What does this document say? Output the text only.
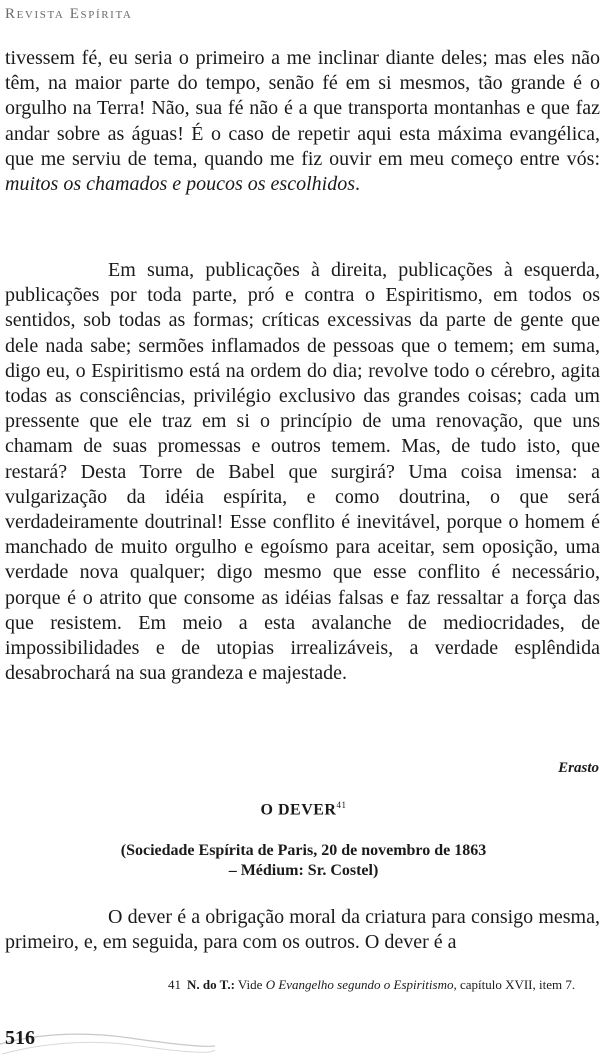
Revista Espírita

tivessem fé, eu seria o primeiro a me inclinar diante deles; mas eles não têm, na maior parte do tempo, senão fé em si mesmos, tão grande é o orgulho na Terra! Não, sua fé não é a que transporta montanhas e que faz andar sobre as águas! É o caso de repetir aqui esta máxima evangélica, que me serviu de tema, quando me fiz ouvir em meu começo entre vós: muitos os chamados e poucos os escolhidos.

Em suma, publicações à direita, publicações à esquerda, publicações por toda parte, pró e contra o Espiritismo, em todos os sentidos, sob todas as formas; críticas excessivas da parte de gente que dele nada sabe; sermões inflamados de pessoas que o temem; em suma, digo eu, o Espiritismo está na ordem do dia; revolve todo o cérebro, agita todas as consciências, privilégio exclusivo das grandes coisas; cada um pressente que ele traz em si o princípio de uma renovação, que uns chamam de suas promessas e outros temem. Mas, de tudo isto, que restará? Desta Torre de Babel que surgirá? Uma coisa imensa: a vulgarização da idéia espírita, e como doutrina, o que será verdadeiramente doutrinal! Esse conflito é inevitável, porque o homem é manchado de muito orgulho e egoísmo para aceitar, sem oposição, uma verdade nova qualquer; digo mesmo que esse conflito é necessário, porque é o atrito que consome as idéias falsas e faz ressaltar a força das que resistem. Em meio a esta avalanche de mediocridades, de impossibilidades e de utopias irrealizáveis, a verdade esplêndida desabrochará na sua grandeza e majestade.

Erasto
O DEVER$^{41}$
(Sociedade Espírita de Paris, 20 de novembro de 1863
– Médium: Sr. Costel)

O dever é a obrigação moral da criatura para consigo mesma, primeiro, e, em seguida, para com os outros. O dever é a

41 N. do T.: Vide O Evangelho segundo o Espiritismo, capítulo XVII, item 7.
516
